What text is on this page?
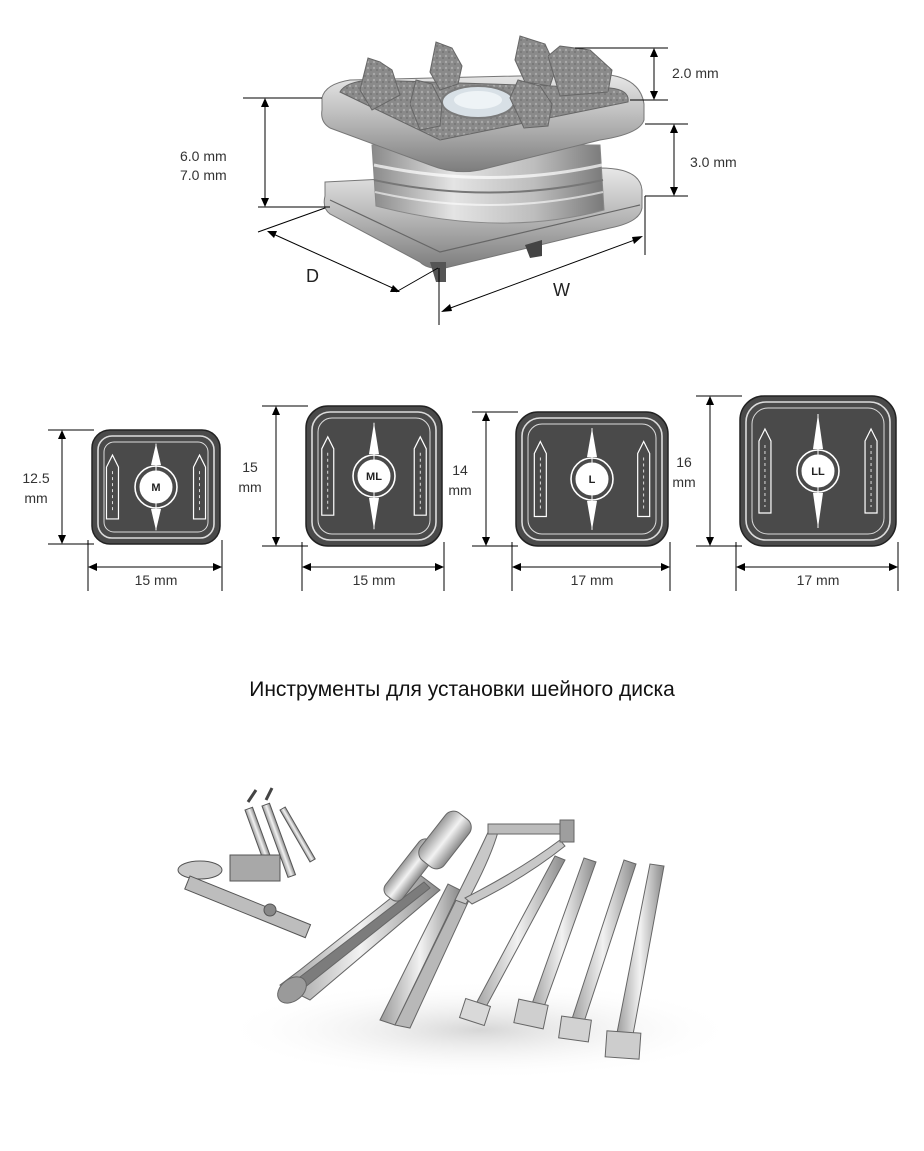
2.0 mm
6.0 mm
7.0 mm
3.0 mm
D
W
M
12.5
mm
15 mm
ML
15
mm
15 mm
L
14
mm
17 mm
LL
16
mm
17 mm
Инструменты для установки шейного диска
